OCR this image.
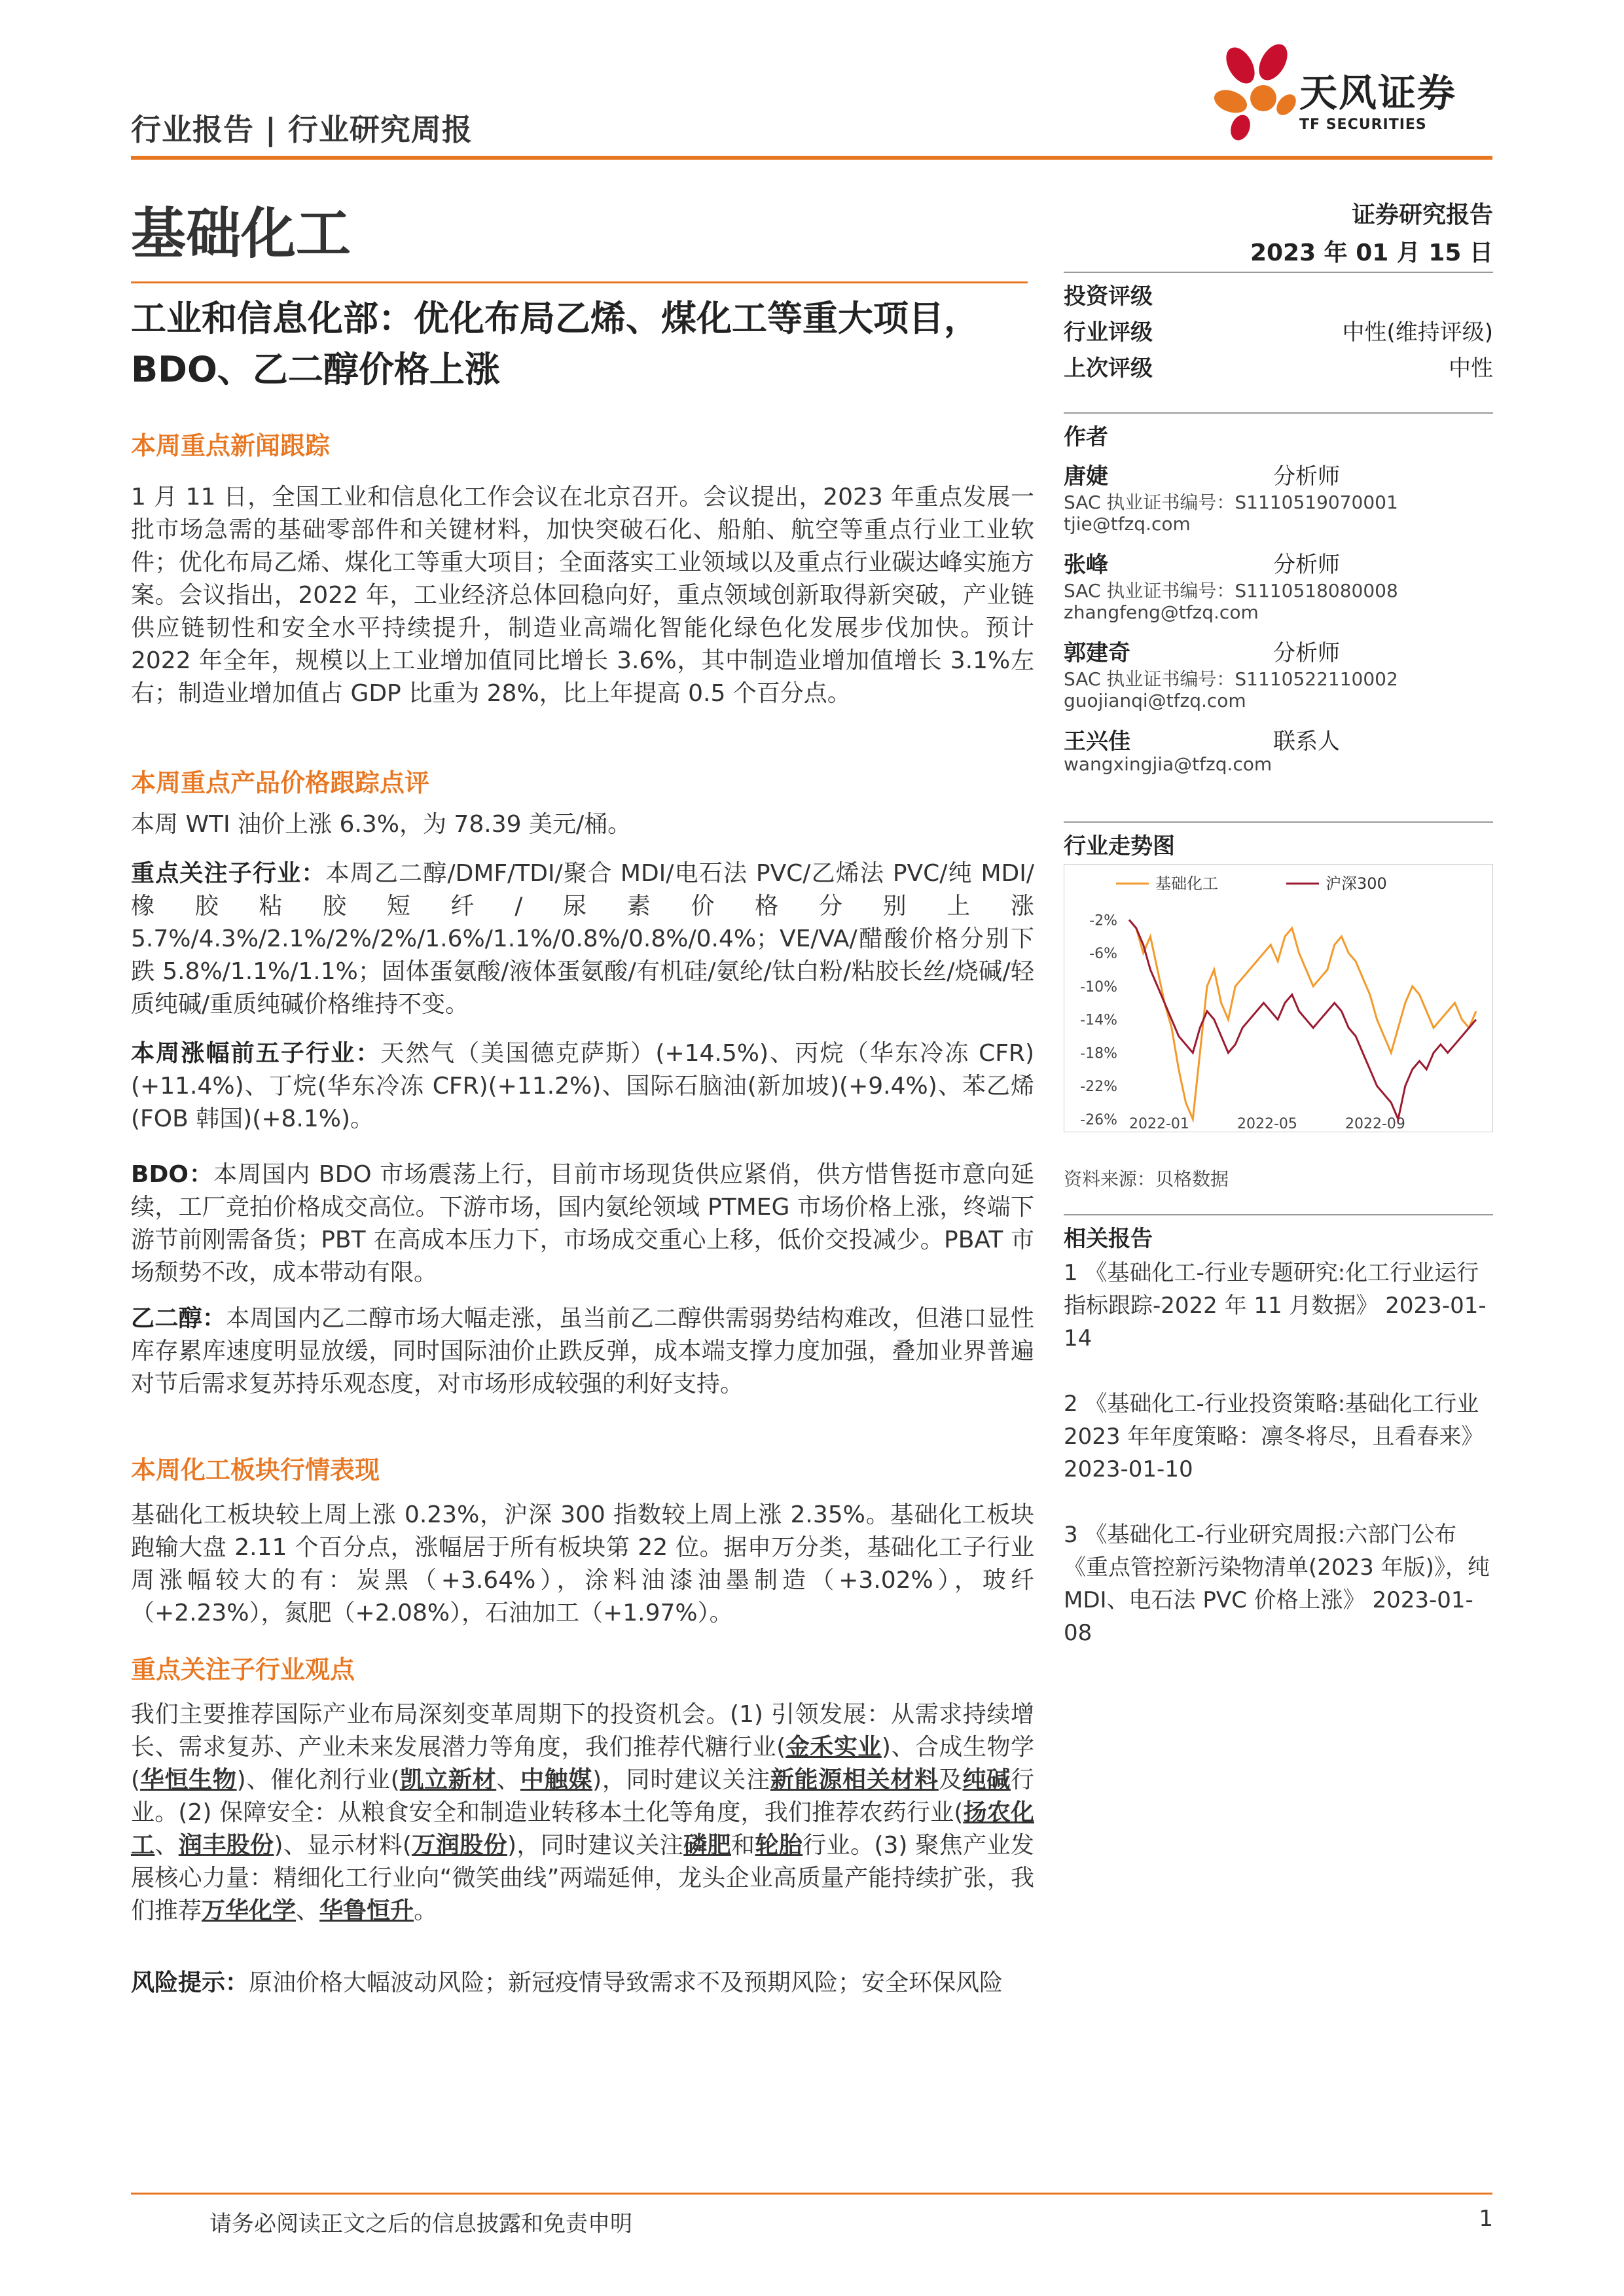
行业报告 | 行业研究周报
天风证券
TF SECURITIES
基础化工	证券研究报告
2023 年 01 月 15 日
工业和信息化部：优化布局乙烯、煤化工等重大项目，BDO、乙二醇价格上涨
本周重点新闻跟踪
1 月 11 日，全国工业和信息化工作会议在北京召开。会议提出，2023 年重点发展一批市场急需的基础零部件和关键材料，加快突破石化、船舶、航空等重点行业工业软件；优化布局乙烯、煤化工等重大项目；全面落实工业领域以及重点行业碳达峰实施方案。会议指出，2022 年，工业经济总体回稳向好，重点领域创新取得新突破，产业链供应链韧性和安全水平持续提升，制造业高端化智能化绿色化发展步伐加快。预计 2022 年全年，规模以上工业增加值同比增长 3.6%，其中制造业增加值增长 3.1%左右；制造业增加值占 GDP 比重为 28%，比上年提高 0.5 个百分点。
本周重点产品价格跟踪点评
本周 WTI 油价上涨 6.3%，为 78.39 美元/桶。
重点关注子行业：本周乙二醇/DMF/TDI/聚合 MDI/电石法 PVC/乙烯法 PVC/纯 MDI/橡胶粘胶短纤/尿素价格分别上涨 5.7%/4.3%/2.1%/2%/2%/1.6%/1.1%/0.8%/0.8%/0.4%；VE/VA/醋酸价格分别下跌 5.8%/1.1%/1.1%；固体蛋氨酸/液体蛋氨酸/有机硅/氨纶/钛白粉/粘胶长丝/烧碱/轻质纯碱/重质纯碱价格维持不变。
本周涨幅前五子行业：天然气（美国德克萨斯）(+14.5%)、丙烷（华东冷冻 CFR)(+11.4%)、丁烷(华东冷冻 CFR)(+11.2%)、国际石脑油(新加坡)(+9.4%)、苯乙烯(FOB 韩国)(+8.1%)。
BDO：本周国内 BDO 市场震荡上行，目前市场现货供应紧俏，供方惜售挺市意向延续，工厂竞拍价格成交高位。下游市场，国内氨纶领域 PTMEG 市场价格上涨，终端下游节前刚需备货；PBT 在高成本压力下，市场成交重心上移，低价交投减少。PBAT 市场颓势不改，成本带动有限。
乙二醇：本周国内乙二醇市场大幅走涨，虽当前乙二醇供需弱势结构难改，但港口显性库存累库速度明显放缓，同时国际油价止跌反弹，成本端支撑力度加强，叠加业界普遍对节后需求复苏持乐观态度，对市场形成较强的利好支持。
本周化工板块行情表现
基础化工板块较上周上涨 0.23%，沪深 300 指数较上周上涨 2.35%。基础化工板块跑输大盘 2.11 个百分点，涨幅居于所有板块第 22 位。据申万分类，基础化工子行业周涨幅较大的有：炭黑（+3.64%），涂料油漆油墨制造（+3.02%），玻纤（+2.23%），氮肥（+2.08%），石油加工（+1.97%）。
重点关注子行业观点
我们主要推荐国际产业布局深刻变革周期下的投资机会。(1) 引领发展：从需求持续增长、需求复苏、产业未来发展潜力等角度，我们推荐代糖行业(金禾实业)、合成生物学(华恒生物)、催化剂行业(凯立新材、中触媒)，同时建议关注新能源相关材料及纯碱行业。(2) 保障安全：从粮食安全和制造业转移本土化等角度，我们推荐农药行业(扬农化工、润丰股份)、显示材料(万润股份)，同时建议关注磷肥和轮胎行业。(3) 聚焦产业发展核心力量：精细化工行业向“微笑曲线”两端延伸，龙头企业高质量产能持续扩张，我们推荐万华化学、华鲁恒升。
风险提示：原油价格大幅波动风险；新冠疫情导致需求不及预期风险；安全环保风险
投资评级
行业评级	中性(维持评级)
上次评级	中性
作者
唐婕	分析师
SAC 执业证书编号：S1110519070001
tjie@tfzq.com
张峰	分析师
SAC 执业证书编号：S1110518080008
zhangfeng@tfzq.com
郭建奇	分析师
SAC 执业证书编号：S1110522110002
guojianqi@tfzq.com
王兴佳	联系人
wangxingjia@tfzq.com
行业走势图
基础化工	沪深300
-2%
-6%
-10%
-14%
-18%
-22%
-26% 2022-01	2022-05	2022-09
资料来源：贝格数据
相关报告
1 《基础化工-行业专题研究:化工行业运行指标跟踪-2022 年 11 月数据》 2023-01-14
2 《基础化工-行业投资策略:基础化工行业 2023 年年度策略：凛冬将尽，且看春来》 2023-01-10
3 《基础化工-行业研究周报:六部门公布《重点管控新污染物清单(2023 年版)》，纯 MDI、电石法 PVC 价格上涨》 2023-01-08
请务必阅读正文之后的信息披露和免责申明	1
